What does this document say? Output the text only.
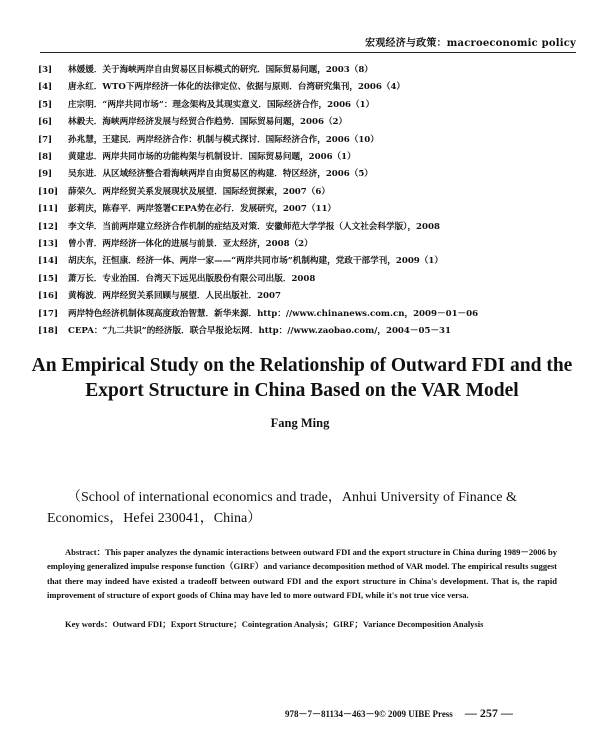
宏观经济与政策：macroeconomic policy
[3]	林媛媛．关于海峡两岸自由贸易区目标模式的研究．国际贸易问题，2003（8）
[4]	唐永红．WTO下两岸经济一体化的法律定位、依据与原则．台湾研究集刊，2006（4）
[5]	庄宗明．“两岸共同市场”：理念架构及其现实意义．国际经济合作，2006（1）
[6]	林毅夫．海峡两岸经济发展与经贸合作趋势．国际贸易问题，2006（2）
[7]	孙兆慧，王建民．两岸经济合作：机制与模式探讨．国际经济合作，2006（10）
[8]	黄建忠．两岸共同市场的功能构架与机制设计．国际贸易问题，2006（1）
[9]	吴东进．从区域经济整合看海峡两岸自由贸易区的构建．特区经济，2006（5）
[10]	薛荣久．两岸经贸关系发展现状及展望．国际经贸探索，2007（6）
[11]	彭莉庆，陈春平．两岸签署CEPA势在必行．发展研究，2007（11）
[12]	李文华．当前两岸建立经济合作机制的症结及对策．安徽师范大学学报（人文社会科学版），2008
[13]	曾小青．两岸经济一体化的进展与前景．亚太经济，2008（2）
[14]	胡庆东，汪恒康．经济一体、两岸一家——“两岸共同市场”机制构建，党政干部学刊，2009（1）
[15]	萧万长．专业治国．台湾天下远见出版股份有限公司出版．2008
[16]	黄梅波．两岸经贸关系回顾与展望．人民出版社．2007
[17]	两岸特色经济机制体现高度政治智慧．新华来源．http：//www.chinanews.com.cn，2009－01－06
[18]	CEPA：“九二共识”的经济版．联合早报论坛网．http：//www.zaobao.com/，2004－05－31
An Empirical Study on the Relationship of Outward FDI and the Export Structure in China Based on the VAR Model
Fang Ming
（School of international economics and trade，Anhui University of Finance & Economics，Hefei 230041，China）
Abstract：This paper analyzes the dynamic interactions between outward FDI and the export structure in China during 1989－2006 by employing generalized impulse response function（GIRF）and variance decomposition method of VAR model. The empirical results suggest that there may indeed have existed a tradeoff between outward FDI and the export structure in China's development. That is, the rapid improvement of structure of export goods of China may have led to more outward FDI, while it's not true vice versa.
Key words：Outward FDI；Export Structure；Cointegration Analysis；GIRF；Variance Decomposition Analysis
978－7－81134－463－9© 2009 UIBE Press — 257 —
